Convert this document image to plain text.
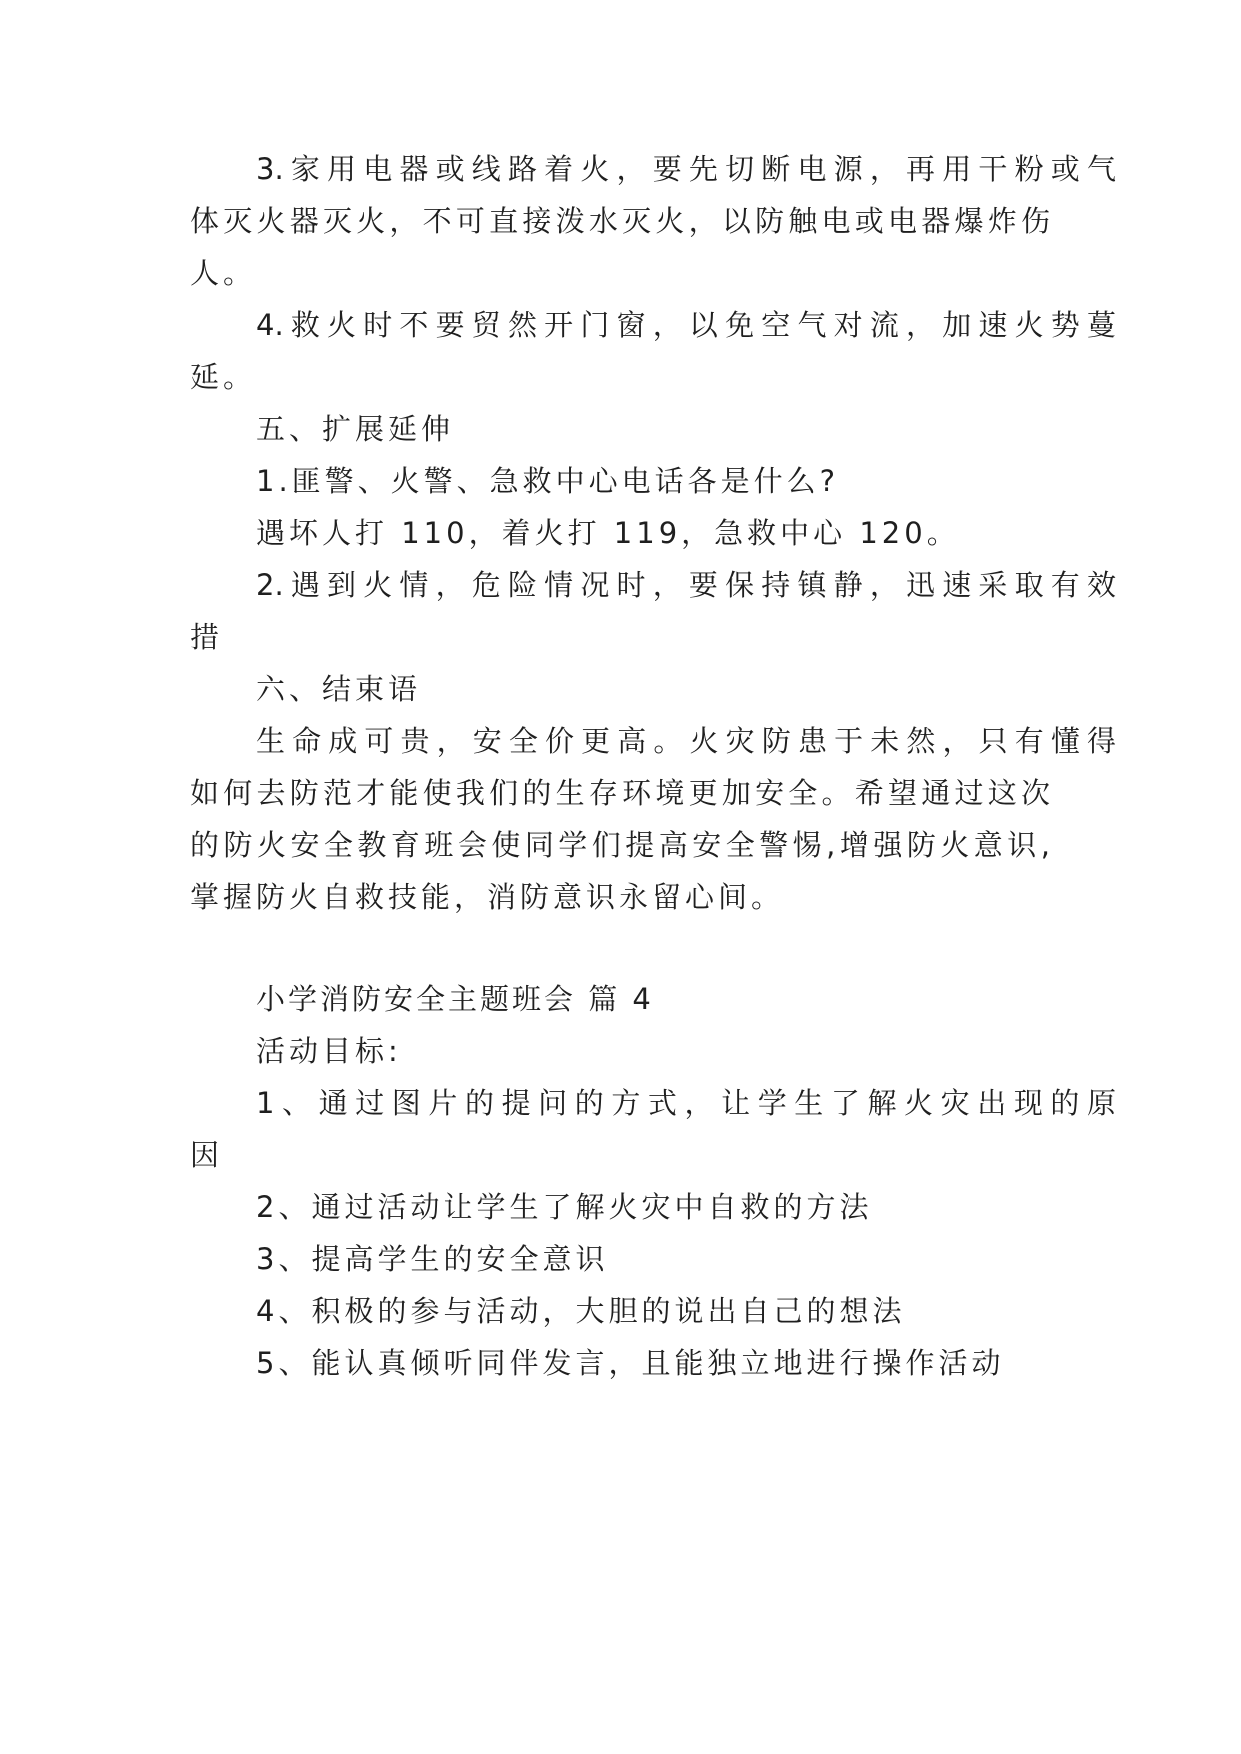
3.家用电器或线路着火，要先切断电源，再用干粉或气
体灭火器灭火，不可直接泼水灭火，以防触电或电器爆炸伤
人。
4.救火时不要贸然开门窗，以免空气对流，加速火势蔓
延。
五、扩展延伸
1.匪警、火警、急救中心电话各是什么?
遇坏人打 110，着火打 119，急救中心 120。
2.遇到火情，危险情况时，要保持镇静，迅速采取有效
措
六、结束语
生命成可贵，安全价更高。火灾防患于未然，只有懂得
如何去防范才能使我们的生存环境更加安全。希望通过这次
的防火安全教育班会使同学们提高安全警惕,增强防火意识,
掌握防火自救技能，消防意识永留心间。
小学消防安全主题班会 篇 4
活动目标:
1、通过图片的提问的方式，让学生了解火灾出现的原
因
2、通过活动让学生了解火灾中自救的方法
3、提高学生的安全意识
4、积极的参与活动，大胆的说出自己的想法
5、能认真倾听同伴发言，且能独立地进行操作活动
